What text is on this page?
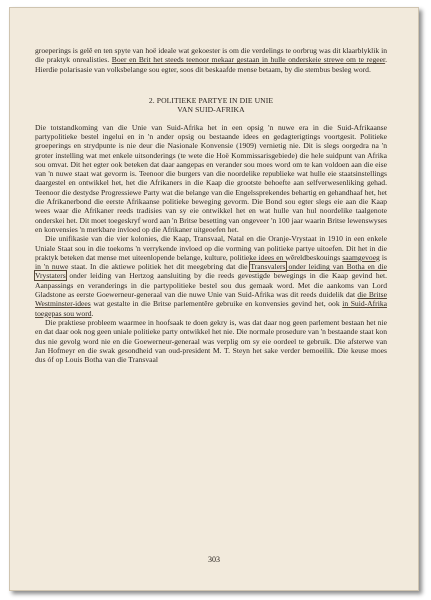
groeperings is gelê en ten spyte van hoë ideale wat gekoester is om die verdelings te oorbrug was dit klaarblyklik in die praktyk onrealisties. Boer en Brit het steeds teenoor mekaar gestaan in hulle onderskeie strewe om te regeer. Hierdie polarisasie van volksbelange sou egter, soos dit beskaafde mense betaam, by die stembus besleg word.

2. POLITIEKE PARTYE IN DIE UNIE
VAN SUID-AFRIKA

Die totstandkoming van die Unie van Suid-Afrika het in een opsig 'n nuwe era in die Suid-Afrikaanse partypolitieke bestel ingelui en in 'n ander opsig ou bestaande idees en gedagterigtings voortgesit. Politieke groeperings en strydpunte is nie deur die Nasionale Konvensie (1909) vernietig nie. Dit is slegs oorgedra na 'n groter instelling wat met enkele uitsonderings (te wete die Hoë Kommissarisgebiede) die hele suidpunt van Afrika sou omvat. Dit het egter ook beteken dat daar aangepas en verander sou moes word om te kan voldoen aan die eise van 'n nuwe staat wat gevorm is. Teenoor die burgers van die noordelike republieke wat hulle eie staatsinstellings daargestel en ontwikkel het, het die Afrikaners in die Kaap die grootste behoefte aan selfverwesenliking gehad. Teenoor die destydse Progressiewe Party wat die belange van die Engelssprekendes behartig en gehandhaaf het, het die Afrikanerbond die eerste Afrikaanse politieke beweging gevorm. Die Bond sou egter slegs eie aan die Kaap wees waar die Afrikaner reeds tradisies van sy eie ontwikkel het en wat hulle van hul noordelike taalgenote onderskei het. Dit moet toegeskryf word aan 'n Britse besetting van ongeveer 'n 100 jaar waarin Britse lewenswyses en konvensies 'n merkbare invloed op die Afrikaner uitgeoefen het.

Die unifikasie van die vier kolonies, die Kaap, Transvaal, Natal en die Oranje-Vrystaat in 1910 in een enkele Uniale Staat sou in die toekoms 'n verrykende invloed op die vorming van politieke partye uitoefen. Dit het in die praktyk beteken dat mense met uiteenlopende belange, kulture, politieke idees en wêreldbeskouings saamgevoeg is in 'n nuwe staat. In die aktiewe politiek het dit meegebring dat die Transvalers onder leiding van Botha en die Vrystaters onder leiding van Hertzog aansluiting by die reeds gevestigde bewegings in die Kaap gevind het. Aanpassings en veranderings in die partypolitieke bestel sou dus gemaak word. Met die aankoms van Lord Gladstone as eerste Goewerneur-generaal van die nuwe Unie van Suid-Afrika was dit reeds duidelik dat die Britse Westminster-idees wat gestalte in die Britse parlementêre gebruike en konvensies gevind het, ook in Suid-Afrika toegepas sou word.

Die praktiese probleem waarmee in hoofsaak te doen gekry is, was dat daar nog geen parlement bestaan het nie en dat daar ook nog geen uniale politieke party ontwikkel het nie. Die normale prosedure van 'n bestaande staat kon dus nie gevolg word nie en die Goewerneur-generaal was verplig om sy eie oordeel te gebruik. Die afsterwe van Jan Hofmeyr en die swak gesondheid van oud-president M. T. Steyn het sake verder bemoeilik. Die keuse moes dus óf op Louis Botha van die Transvaal

303
